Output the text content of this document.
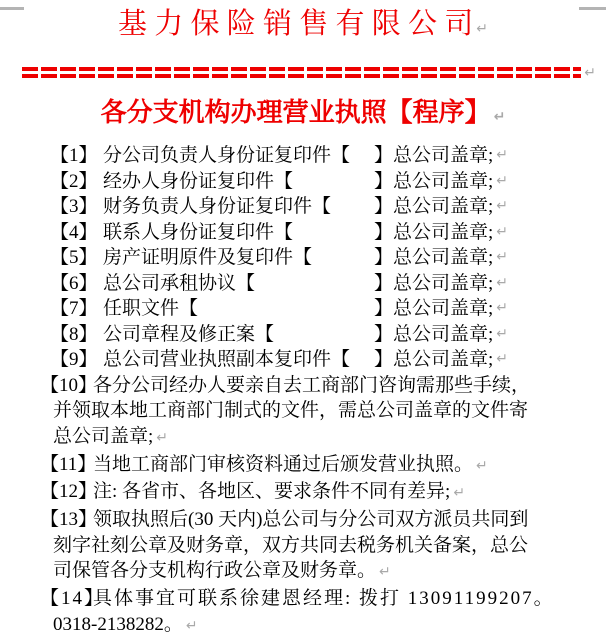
基 力 保 险 销 售 有 限 公 司 ↵
↵
各分支机构办理营业执照【程序】 ↵
【1】 分公司负责人身份证复印件【 】总公司盖章; ↵
【2】 经办人身份证复印件【	】总公司盖章; ↵
【3】 财务负责人身份证复印件【 】总公司盖章; ↵
【4】 联系人身份证复印件【	】总公司盖章; ↵
【5】 房产证明原件及复印件【	】总公司盖章; ↵
【6】 总公司承租协议【	】总公司盖章; ↵
【7】 任职文件【	】总公司盖章; ↵
【8】 公司章程及修正案【	】总公司盖章; ↵
【9】 总公司营业执照副本复印件【 】总公司盖章; ↵
【10】各分公司经办人要亲自去工商部门咨询需那些手续，
并领取本地工商部门制式的文件，需总公司盖章的文件寄
总公司盖章; ↵
【11】当地工商部门审核资料通过后颁发营业执照。 ↵
【12】注: 各省市、各地区、要求条件不同有差异; ↵
【13】领取执照后(30 天内)总公司与分公司双方派员共同到
刻字社刻公章及财务章，双方共同去税务机关备案，总公
司保管各分支机构行政公章及财务章。 ↵
【14】具体事宜可联系徐建恩经理: 拨打 13091199207。
0318-2138282。 ↵
